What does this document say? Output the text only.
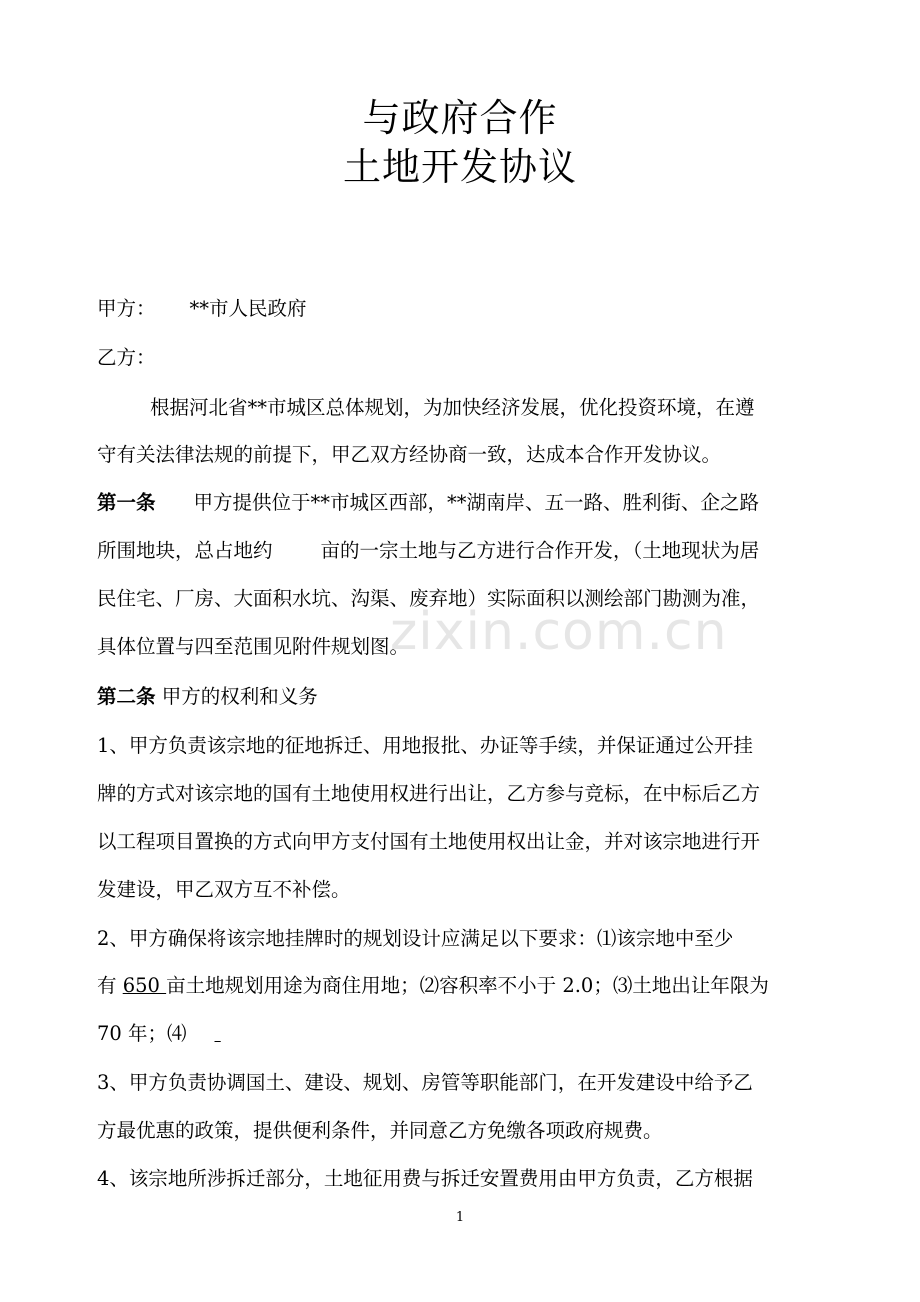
与政府合作
土地开发协议
甲方： **市人民政府
乙方：
根据河北省**市城区总体规划，为加快经济发展，优化投资环境，在遵
守有关法律法规的前提下，甲乙双方经协商一致，达成本合作开发协议。
第一条 甲方提供位于**市城区西部，**湖南岸、五一路、胜利街、企之路
所围地块，总占地约 亩的一宗土地与乙方进行合作开发，（土地现状为居
民住宅、厂房、大面积水坑、沟渠、废弃地）实际面积以测绘部门勘测为准，
具体位置与四至范围见附件规划图。
第二条 甲方的权利和义务
1、甲方负责该宗地的征地拆迁、用地报批、办证等手续，并保证通过公开挂
牌的方式对该宗地的国有土地使用权进行出让，乙方参与竞标，在中标后乙方
以工程项目置换的方式向甲方支付国有土地使用权出让金，并对该宗地进行开
发建设，甲乙双方互不补偿。
2、甲方确保将该宗地挂牌时的规划设计应满足以下要求：⑴该宗地中至少
有 650 亩土地规划用途为商住用地；⑵容积率不小于 2.0；⑶土地出让年限为
70 年；⑷
3、甲方负责协调国土、建设、规划、房管等职能部门，在开发建设中给予乙
方最优惠的政策，提供便利条件，并同意乙方免缴各项政府规费。
4、该宗地所涉拆迁部分，土地征用费与拆迁安置费用由甲方负责，乙方根据
zixin.com.cn
1
